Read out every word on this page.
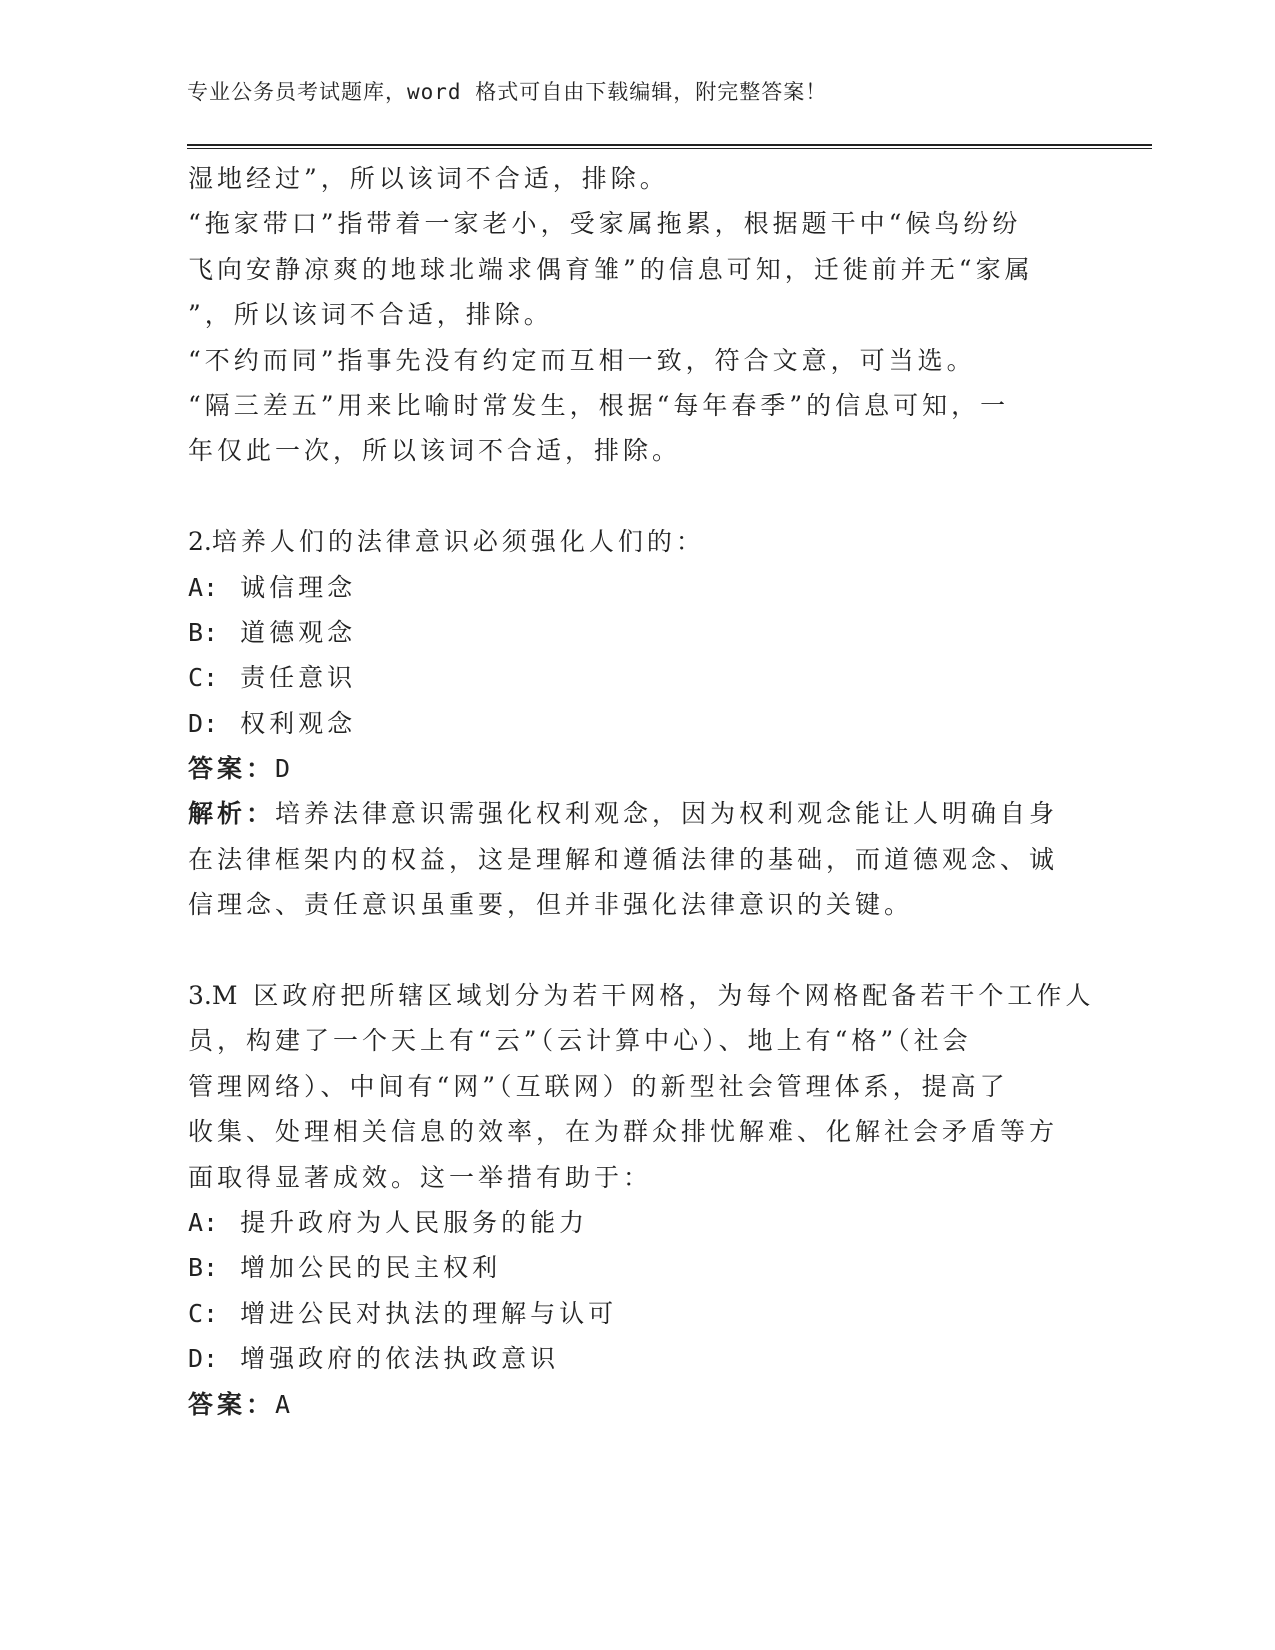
专业公务员考试题库，word 格式可自由下载编辑，附完整答案！
湿地经过”，所以该词不合适，排除。
“拖家带口”指带着一家老小，受家属拖累，根据题干中“候鸟纷纷
飞向安静凉爽的地球北端求偶育雏”的信息可知，迁徙前并无“家属
”，所以该词不合适，排除。
“不约而同”指事先没有约定而互相一致，符合文意，可当选。
“隔三差五”用来比喻时常发生，根据“每年春季”的信息可知，一
年仅此一次，所以该词不合适，排除。
2.培养人们的法律意识必须强化人们的：
A: 诚信理念
B: 道德观念
C: 责任意识
D: 权利观念
答案：D
解析：培养法律意识需强化权利观念，因为权利观念能让人明确自身
在法律框架内的权益，这是理解和遵循法律的基础，而道德观念、诚
信理念、责任意识虽重要，但并非强化法律意识的关键。
3.M 区政府把所辖区域划分为若干网格，为每个网格配备若干个工作人
员，构建了一个天上有“云”（云计算中心）、地上有“格”（社会
管理网络）、中间有“网”（互联网）的新型社会管理体系，提高了
收集、处理相关信息的效率，在为群众排忧解难、化解社会矛盾等方
面取得显著成效。这一举措有助于：
A: 提升政府为人民服务的能力
B: 增加公民的民主权利
C: 增进公民对执法的理解与认可
D: 增强政府的依法执政意识
答案：A
